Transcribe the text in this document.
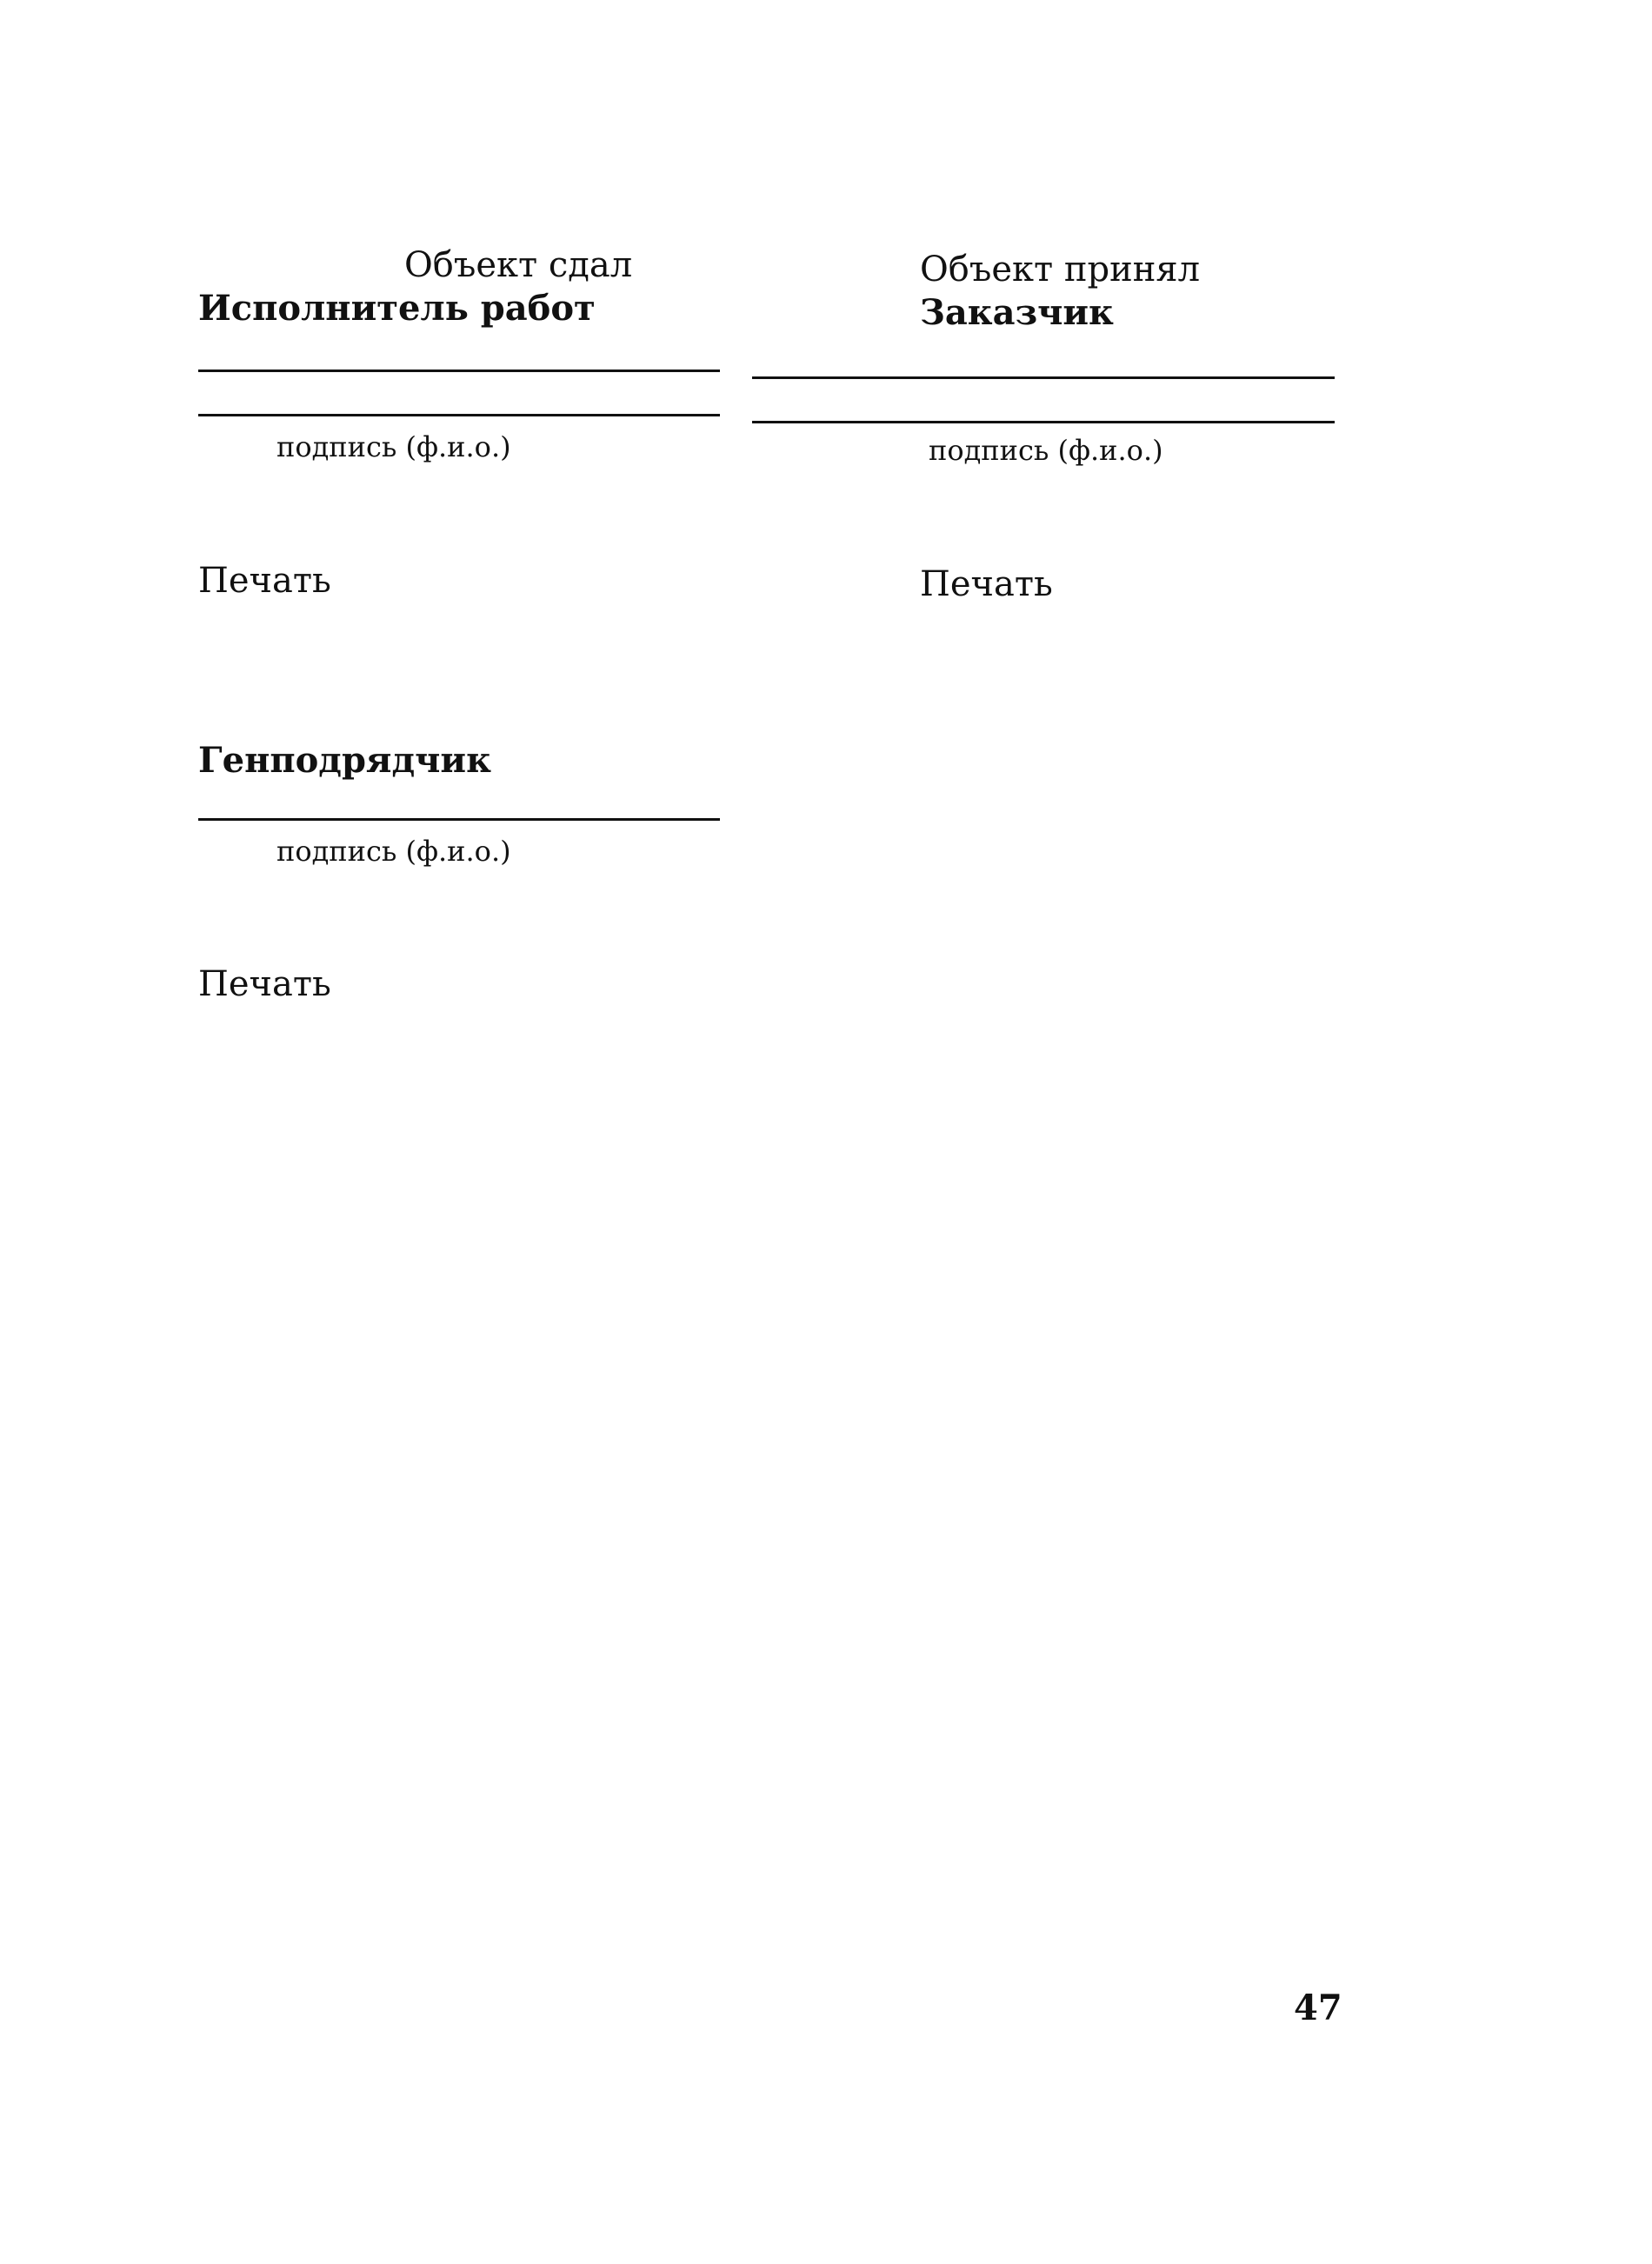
Объект сдал
Исполнитель работ
подпись (ф.и.о.)
Печать
Объект принял
Заказчик
подпись (ф.и.о.)
Печать
Генподрядчик
подпись (ф.и.о.)
Печать
47
